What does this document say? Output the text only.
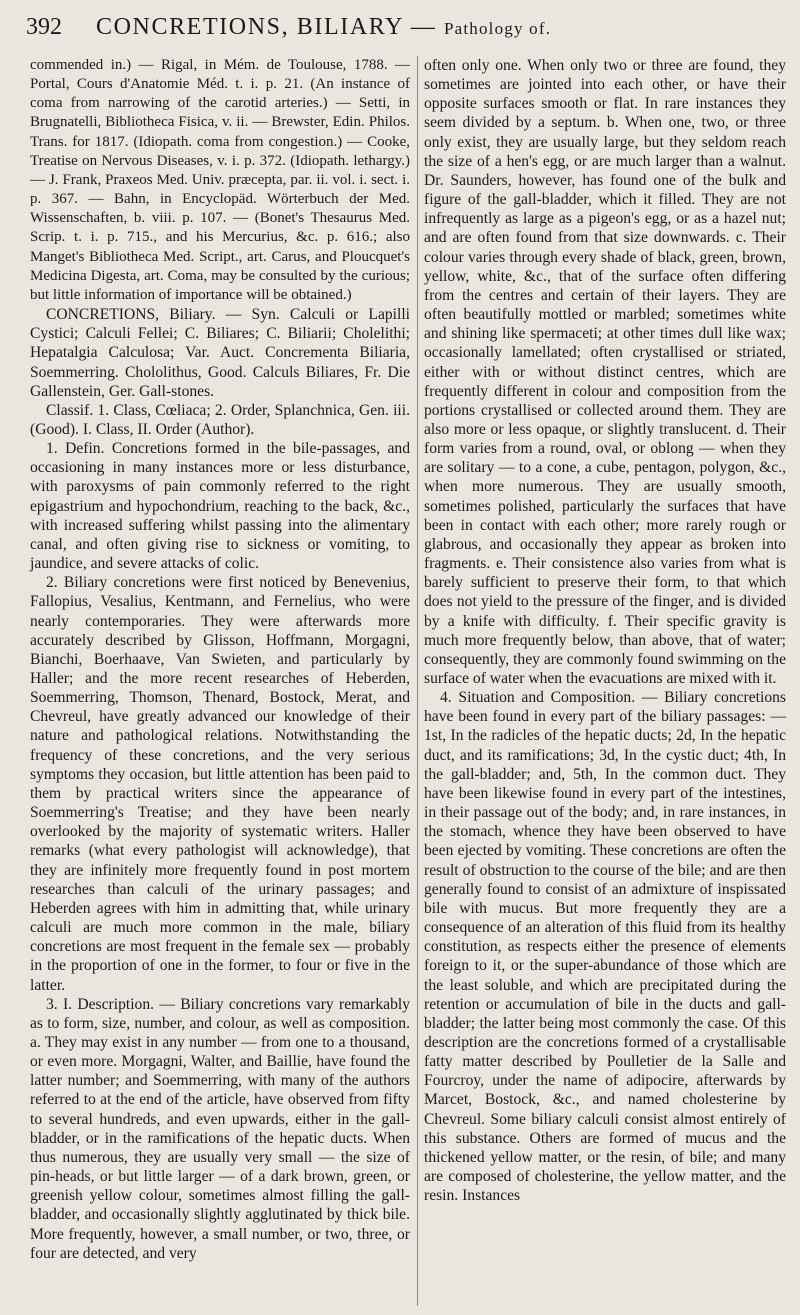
392 CONCRETIONS, BILIARY — Pathology of.

commended in.) — Rigal, in Mém. de Toulouse, 1788. — Portal, Cours d'Anatomie Méd. t. i. p. 21. (An instance of coma from narrowing of the carotid arteries.) — Setti, in Brugnatelli, Bibliotheca Fisica, v. ii. — Brewster, Edin. Philos. Trans. for 1817. (Idiopath. coma from congestion.) — Cooke, Treatise on Nervous Diseases, v. i. p. 372. (Idiopath. lethargy.) — J. Frank, Praxeos Med. Univ. præcepta, par. ii. vol. i. sect. i. p. 367. — Bahn, in Encyclopäd. Wörterbuch der Med. Wissenschaften, b. viii. p. 107. — (Bonet's Thesaurus Med. Scrip. t. i. p. 715., and his Mercurius, &c. p. 616.; also Manget's Bibliotheca Med. Script., art. Carus, and Ploucquet's Medicina Digesta, art. Coma, may be consulted by the curious; but little information of importance will be obtained.)

CONCRETIONS, Biliary. — Syn. Calculi or Lapilli Cystici; Calculi Fellei; C. Biliares; C. Biliarii; Cholelithi; Hepatalgia Calculosa; Var. Auct. Concrementa Biliaria, Soemmerring. Chololithus, Good. Calculs Biliares, Fr. Die Gallenstein, Ger. Gall-stones.

Classif. 1. Class, Cœliaca; 2. Order, Splanchnica, Gen. iii. (Good). I. Class, II. Order (Author).

1. Defin. Concretions formed in the bile-passages, and occasioning in many instances more or less disturbance, with paroxysms of pain commonly referred to the right epigastrium and hypochondrium, reaching to the back, &c., with increased suffering whilst passing into the alimentary canal, and often giving rise to sickness or vomiting, to jaundice, and severe attacks of colic.

2. Biliary concretions were first noticed by Benevenius, Fallopius, Vesalius, Kentmann, and Fernelius, who were nearly contemporaries. They were afterwards more accurately described by Glisson, Hoffmann, Morgagni, Bianchi, Boerhaave, Van Swieten, and particularly by Haller; and the more recent researches of Heberden, Soemmerring, Thomson, Thenard, Bostock, Merat, and Chevreul, have greatly advanced our knowledge of their nature and pathological relations. Notwithstanding the frequency of these concretions, and the very serious symptoms they occasion, but little attention has been paid to them by practical writers since the appearance of Soemmerring's Treatise; and they have been nearly overlooked by the majority of systematic writers. Haller remarks (what every pathologist will acknowledge), that they are infinitely more frequently found in post mortem researches than calculi of the urinary passages; and Heberden agrees with him in admitting that, while urinary calculi are much more common in the male, biliary concretions are most frequent in the female sex — probably in the proportion of one in the former, to four or five in the latter.

3. I. Description. — Biliary concretions vary remarkably as to form, size, number, and colour, as well as composition. a. They may exist in any number — from one to a thousand, or even more. Morgagni, Walter, and Baillie, have found the latter number; and Soemmerring, with many of the authors referred to at the end of the article, have observed from fifty to several hundreds, and even upwards, either in the gall-bladder, or in the ramifications of the hepatic ducts. When thus numerous, they are usually very small — the size of pin-heads, or but little larger — of a dark brown, green, or greenish yellow colour, sometimes almost filling the gall-bladder, and occasionally slightly agglutinated by thick bile. More frequently, however, a small number, or two, three, or four are detected, and very

often only one. When only two or three are found, they sometimes are jointed into each other, or have their opposite surfaces smooth or flat. In rare instances they seem divided by a septum. b. When one, two, or three only exist, they are usually large, but they seldom reach the size of a hen's egg, or are much larger than a walnut. Dr. Saunders, however, has found one of the bulk and figure of the gall-bladder, which it filled. They are not infrequently as large as a pigeon's egg, or as a hazel nut; and are often found from that size downwards. c. Their colour varies through every shade of black, green, brown, yellow, white, &c., that of the surface often differing from the centres and certain of their layers. They are often beautifully mottled or marbled; sometimes white and shining like spermaceti; at other times dull like wax; occasionally lamellated; often crystallised or striated, either with or without distinct centres, which are frequently different in colour and composition from the portions crystallised or collected around them. They are also more or less opaque, or slightly translucent. d. Their form varies from a round, oval, or oblong — when they are solitary — to a cone, a cube, pentagon, polygon, &c., when more numerous. They are usually smooth, sometimes polished, particularly the surfaces that have been in contact with each other; more rarely rough or glabrous, and occasionally they appear as broken into fragments. e. Their consistence also varies from what is barely sufficient to preserve their form, to that which does not yield to the pressure of the finger, and is divided by a knife with difficulty. f. Their specific gravity is much more frequently below, than above, that of water; consequently, they are commonly found swimming on the surface of water when the evacuations are mixed with it.

4. Situation and Composition. — Biliary concretions have been found in every part of the biliary passages: — 1st, In the radicles of the hepatic ducts; 2d, In the hepatic duct, and its ramifications; 3d, In the cystic duct; 4th, In the gall-bladder; and, 5th, In the common duct. They have been likewise found in every part of the intestines, in their passage out of the body; and, in rare instances, in the stomach, whence they have been observed to have been ejected by vomiting. These concretions are often the result of obstruction to the course of the bile; and are then generally found to consist of an admixture of inspissated bile with mucus. But more frequently they are a consequence of an alteration of this fluid from its healthy constitution, as respects either the presence of elements foreign to it, or the super-abundance of those which are the least soluble, and which are precipitated during the retention or accumulation of bile in the ducts and gall-bladder; the latter being most commonly the case. Of this description are the concretions formed of a crystallisable fatty matter described by Poulletier de la Salle and Fourcroy, under the name of adipocire, afterwards by Marcet, Bostock, &c., and named cholesterine by Chevreul. Some biliary calculi consist almost entirely of this substance. Others are formed of mucus and the thickened yellow matter, or the resin, of bile; and many are composed of cholesterine, the yellow matter, and the resin. Instances
